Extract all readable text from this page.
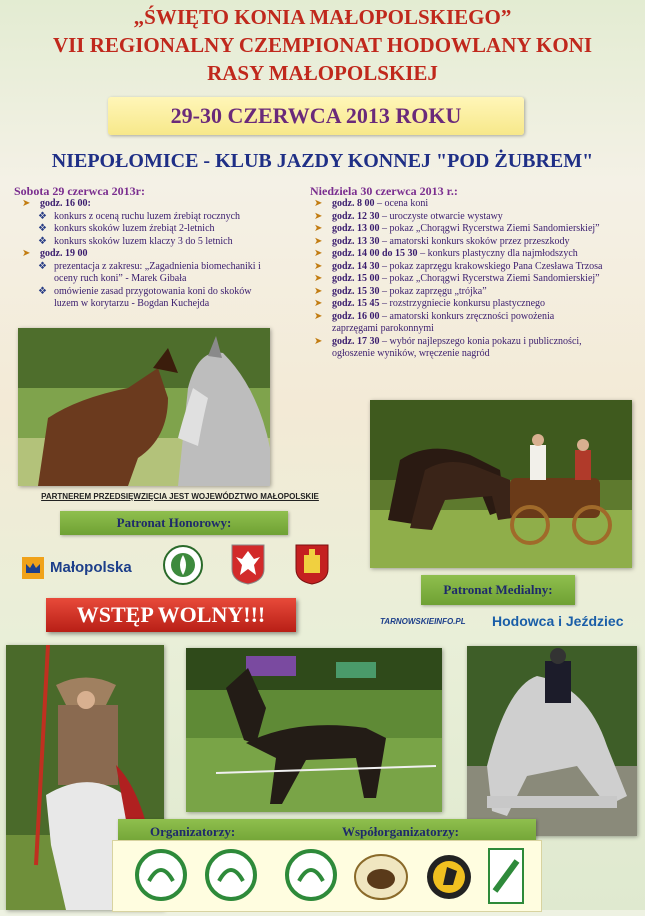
„ŚWIĘTO KONIA MAŁOPOLSKIEGO”
VII REGIONALNY CZEMPIONAT HODOWLANY KONI
RASY MAŁOPOLSKIEJ
29-30 CZERWCA 2013 ROKU
NIEPOŁOMICE - KLUB JAZDY KONNEJ "POD ŻUBREM"
Sobota 29 czerwca 2013r:
➤ godz. 16 00:
❖ konkurs z oceną ruchu luzem źrebiąt rocznych
❖ konkurs skoków luzem źrebiąt 2-letnich
❖ konkurs skoków luzem klaczy 3 do 5 letnich
➤ godz. 19 00
❖ prezentacja z zakresu: „Zagadnienia biomechaniki i
oceny ruch koni” - Marek Gibała
❖ omówienie zasad przygotowania koni do skoków
luzem w korytarzu - Bogdan Kuchejda
Niedziela 30 czerwca 2013 r.:
➤ godz. 8 00 – ocena koni
➤ godz. 12 30 – uroczyste otwarcie wystawy
➤ godz. 13 00 – pokaz „Chorągwi Rycerstwa Ziemi Sandomierskiej”
➤ godz. 13 30 – amatorski konkurs skoków przez przeszkody
➤ godz. 14 00 do 15 30 – konkurs plastyczny dla najmłodszych
➤ godz. 14 30 – pokaz zaprzęgu krakowskiego Pana Czesława Trzosa
➤ godz. 15 00 – pokaz „Chorągwi Rycerstwa Ziemi Sandomierskiej”
➤ godz. 15 30 – pokaz zaprzęgu „trójka”
➤ godz. 15 45 – rozstrzygniecie konkursu plastycznego
➤ godz. 16 00 – amatorski konkurs zręczności powożenia
zaprzęgami parokonnymi
➤ godz. 17 30 – wybór najlepszego konia pokazu i publiczności,
ogłoszenie wyników, wręczenie nagród
PARTNEREM PRZEDSIĘWZIĘCIA JEST WOJEWÓDZTWO MAŁOPOLSKIE
Patronat Honorowy:
Małopolska
Patronat Medialny:
WSTĘP WOLNY!!!	TARNOWSKIEINFO.PL Hodowca i Jeździec
Organizatorzy:	Współorganizatorzy:
